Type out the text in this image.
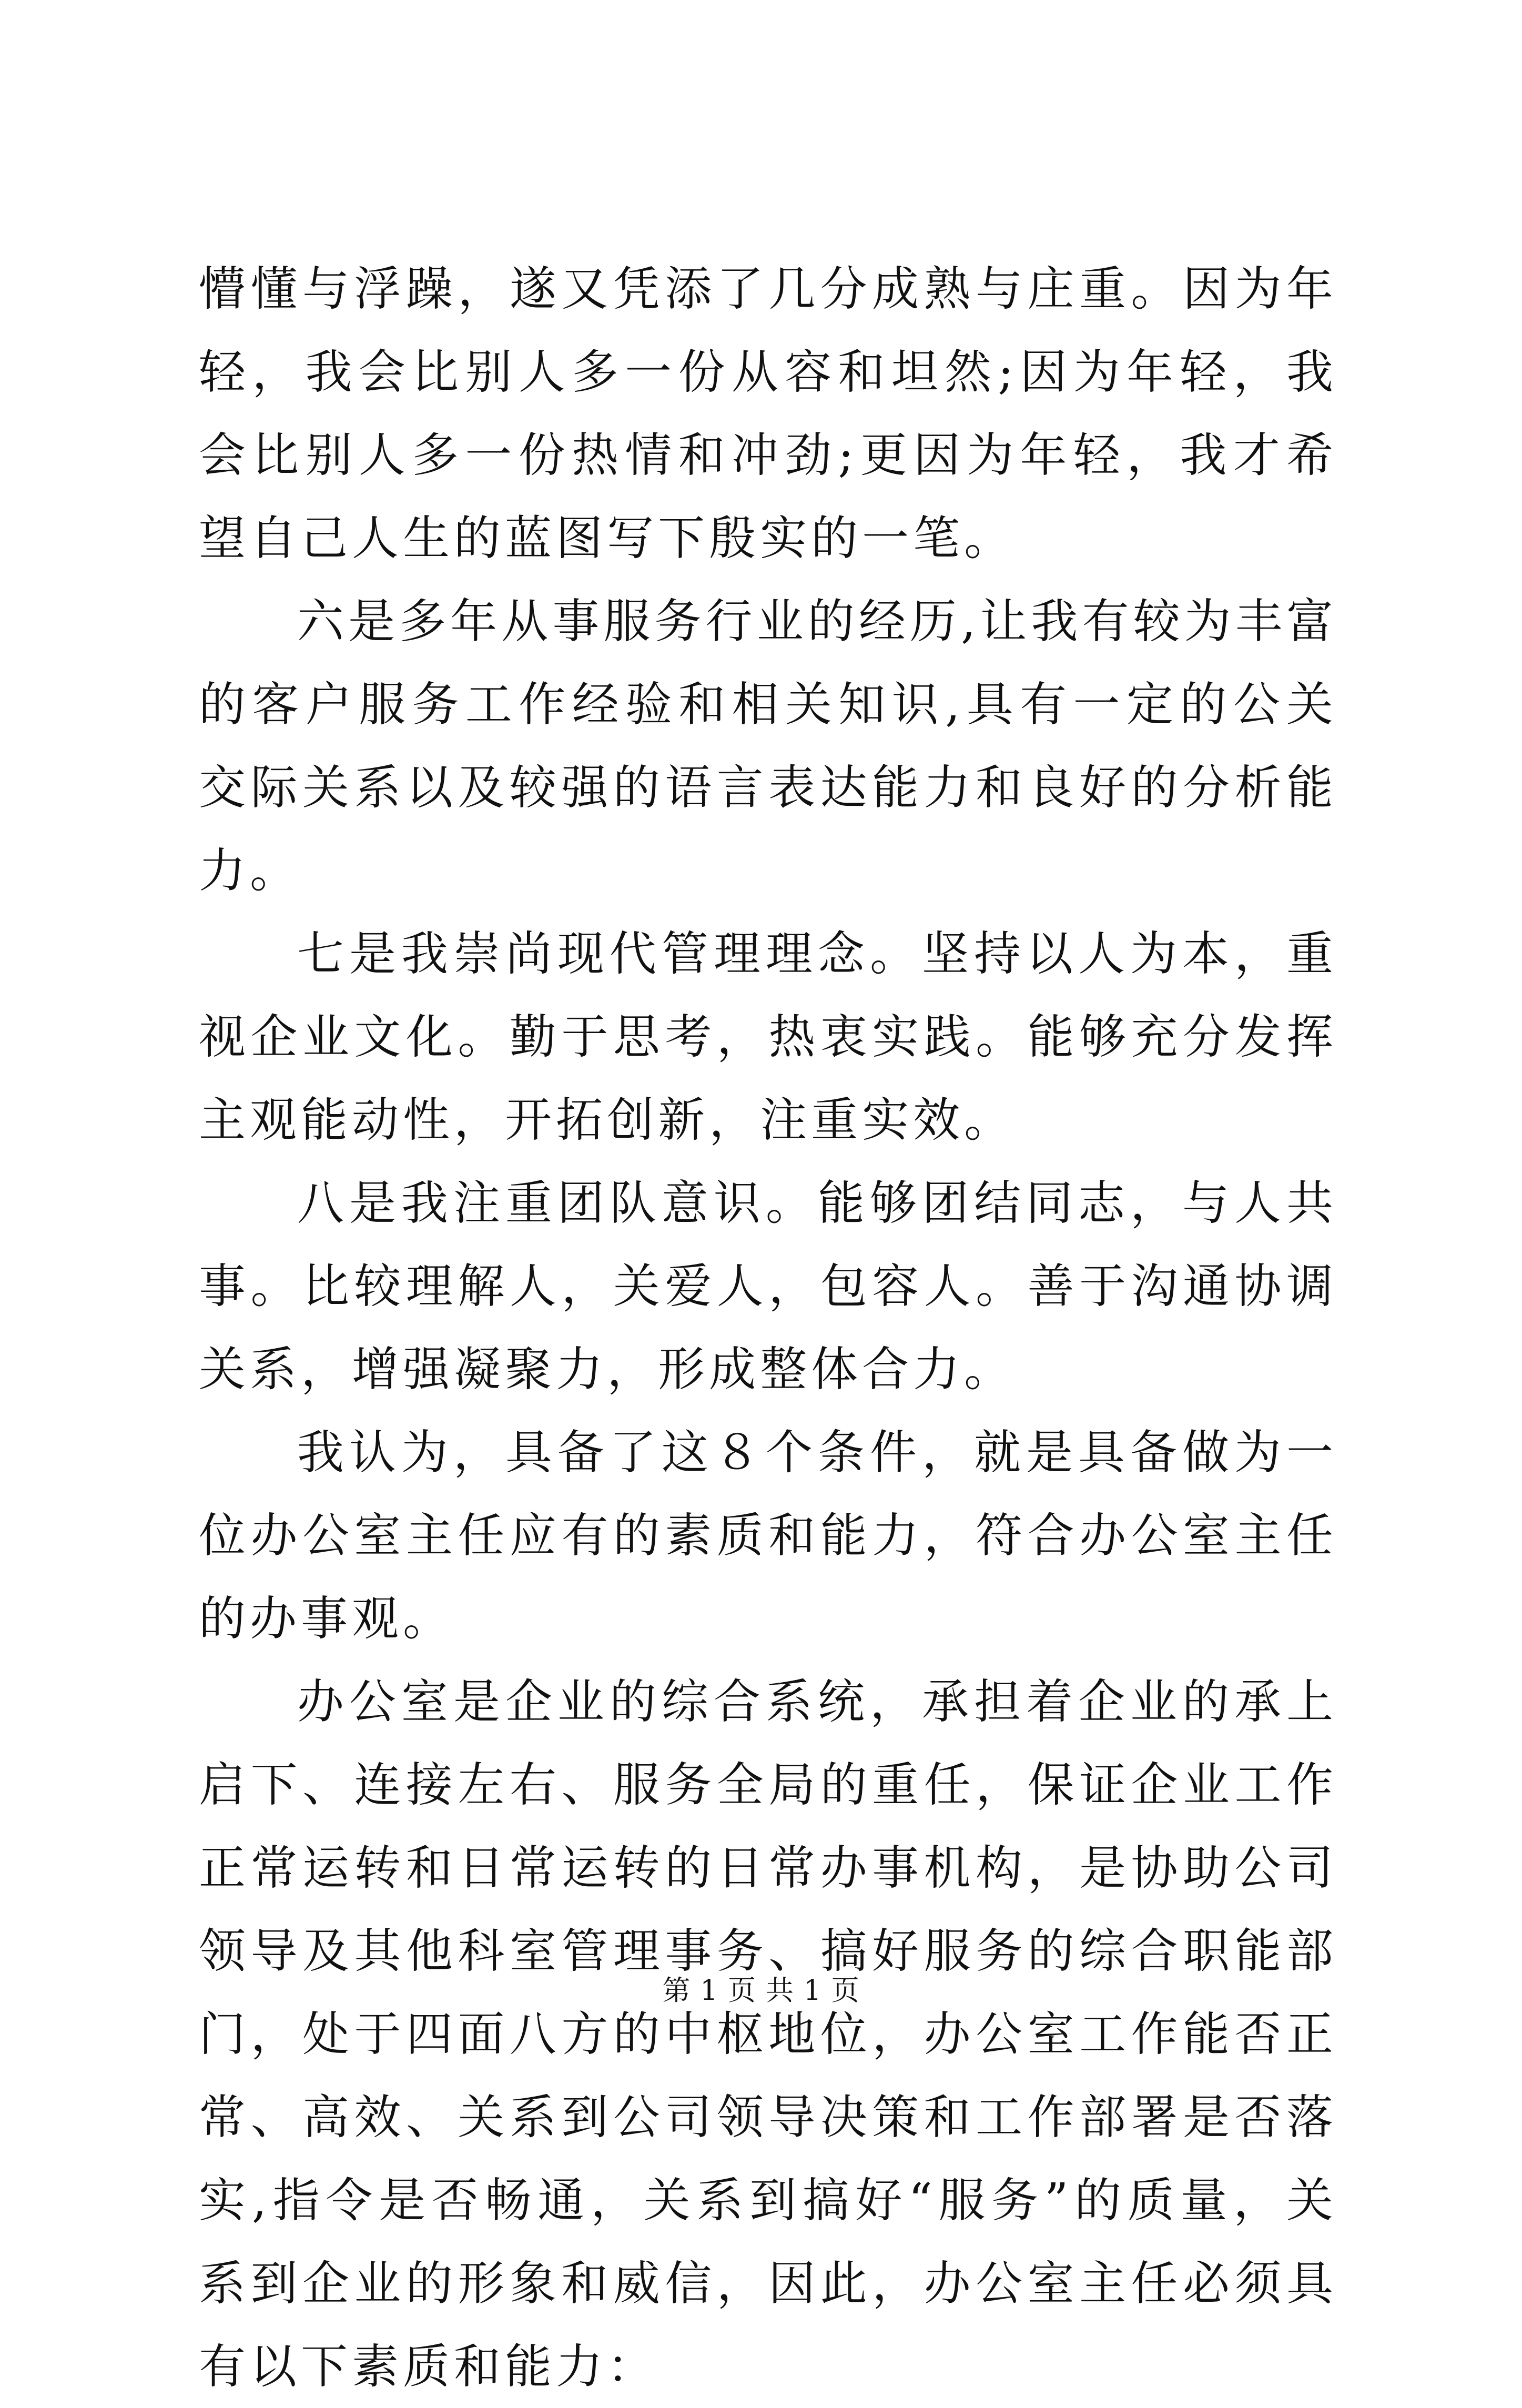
懵懂与浮躁，遂又凭添了几分成熟与庄重。因为年轻，我会比别人多一份从容和坦然;因为年轻，我会比别人多一份热情和冲劲;更因为年轻，我才希望自己人生的蓝图写下殷实的一笔。

六是多年从事服务行业的经历,让我有较为丰富的客户服务工作经验和相关知识,具有一定的公关交际关系以及较强的语言表达能力和良好的分析能力。

七是我崇尚现代管理理念。坚持以人为本，重视企业文化。勤于思考，热衷实践。能够充分发挥主观能动性，开拓创新，注重实效。

八是我注重团队意识。能够团结同志，与人共事。比较理解人，关爱人，包容人。善于沟通协调关系，增强凝聚力，形成整体合力。

我认为，具备了这８个条件，就是具备做为一位办公室主任应有的素质和能力，符合办公室主任的办事观。

办公室是企业的综合系统，承担着企业的承上启下、连接左右、服务全局的重任，保证企业工作正常运转和日常运转的日常办事机构，是协助公司领导及其他科室管理事务、搞好服务的综合职能部门，处于四面八方的中枢地位，办公室工作能否正常、高效、关系到公司领导决策和工作部署是否落实,指令是否畅通，关系到搞好“服务”的质量，关系到企业的形象和威信，因此，办公室主任必须具有以下素质和能力：

第 1 页 共 1 页
